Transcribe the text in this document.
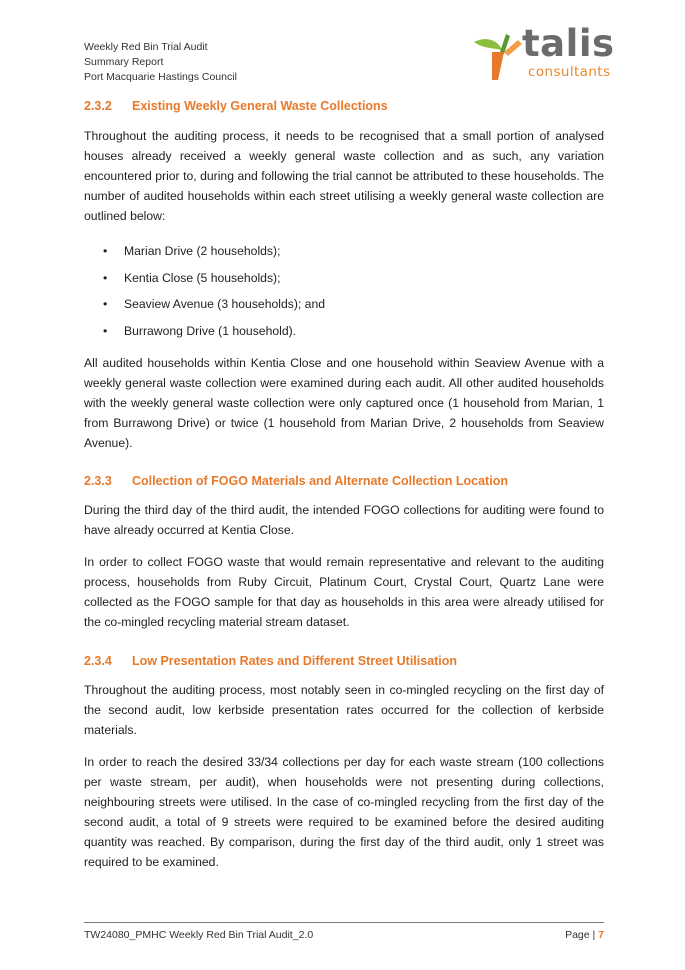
Weekly Red Bin Trial Audit
Summary Report
Port Macquarie Hastings Council
talis
consultants
2.3.2 Existing Weekly General Waste Collections

Throughout the auditing process, it needs to be recognised that a small portion of analysed houses already received a weekly general waste collection and as such, any variation encountered prior to, during and following the trial cannot be attributed to these households. The number of audited households within each street utilising a weekly general waste collection are outlined below:

• Marian Drive (2 households);
• Kentia Close (5 households);
• Seaview Avenue (3 households); and
• Burrawong Drive (1 household).

All audited households within Kentia Close and one household within Seaview Avenue with a weekly general waste collection were examined during each audit. All other audited households with the weekly general waste collection were only captured once (1 household from Marian, 1 from Burrawong Drive) or twice (1 household from Marian Drive, 2 households from Seaview Avenue).

2.3.3 Collection of FOGO Materials and Alternate Collection Location

During the third day of the third audit, the intended FOGO collections for auditing were found to have already occurred at Kentia Close.

In order to collect FOGO waste that would remain representative and relevant to the auditing process, households from Ruby Circuit, Platinum Court, Crystal Court, Quartz Lane were collected as the FOGO sample for that day as households in this area were already utilised for the co-mingled recycling material stream dataset.

2.3.4 Low Presentation Rates and Different Street Utilisation

Throughout the auditing process, most notably seen in co-mingled recycling on the first day of the second audit, low kerbside presentation rates occurred for the collection of kerbside materials.

In order to reach the desired 33/34 collections per day for each waste stream (100 collections per waste stream, per audit), when households were not presenting during collections, neighbouring streets were utilised. In the case of co-mingled recycling from the first day of the second audit, a total of 9 streets were required to be examined before the desired auditing quantity was reached. By comparison, during the first day of the third audit, only 1 street was required to be examined.

TW24080_PMHC Weekly Red Bin Trial Audit_2.0	Page | 7
